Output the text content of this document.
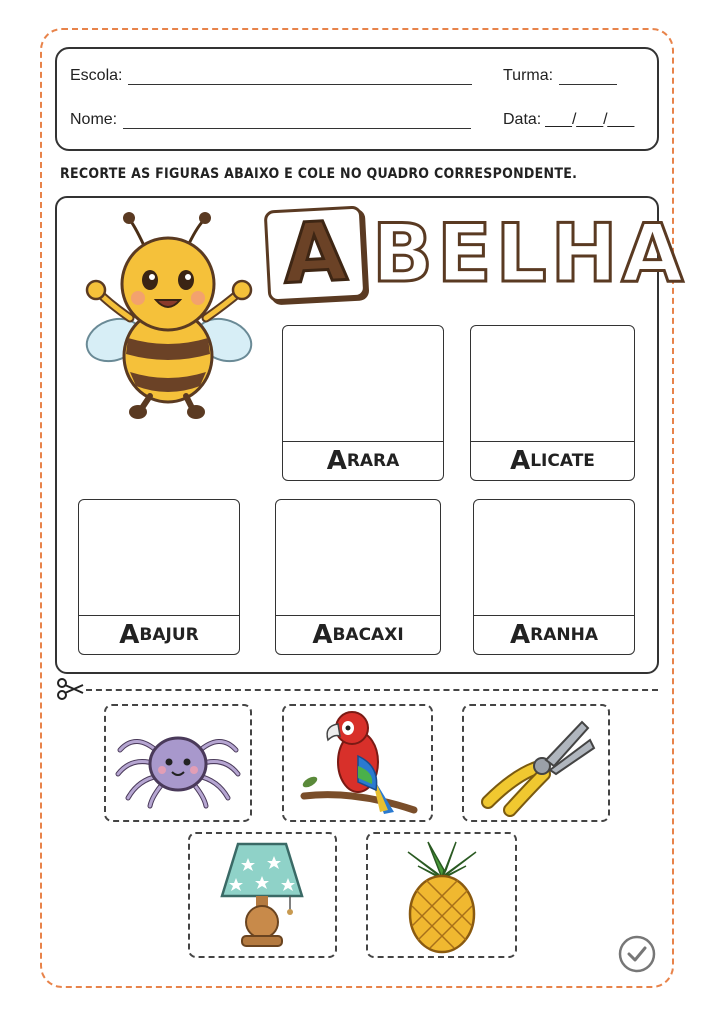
Escola:	Turma:
Nome:	Data: ___/___/___
RECORTE AS FIGURAS ABAIXO E COLE NO QUADRO CORRESPONDENTE.
A BELHA
A RARA	A LICATE
A BAJUR	A BACAXI	A RANHA
